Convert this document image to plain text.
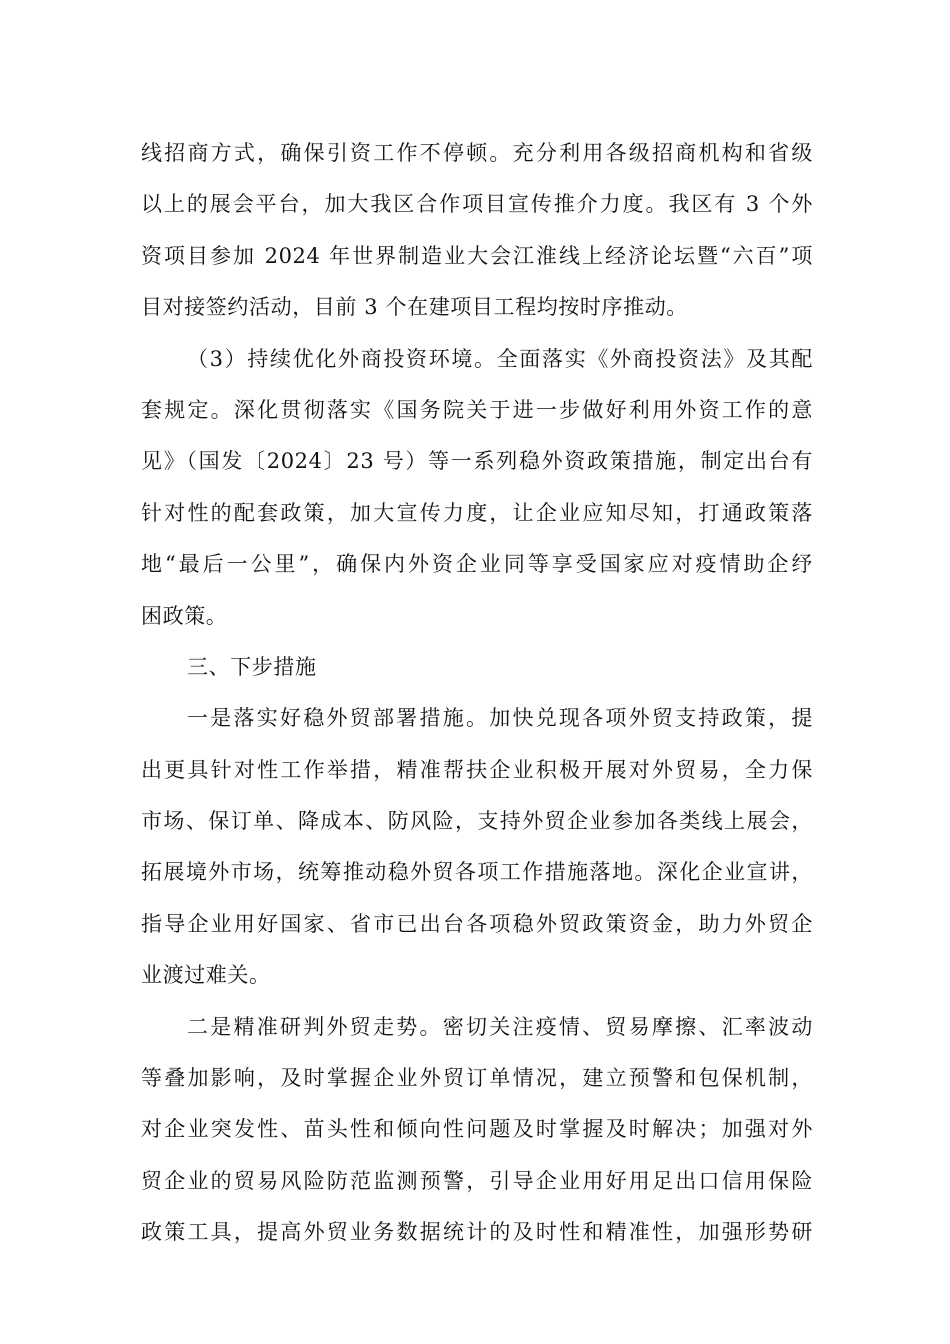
线招商方式，确保引资工作不停顿。充分利用各级招商机构和省级
以上的展会平台，加大我区合作项目宣传推介力度。我区有 3 个外
资项目参加 2024 年世界制造业大会江淮线上经济论坛暨“六百”项
目对接签约活动，目前 3 个在建项目工程均按时序推动。
（3）持续优化外商投资环境。全面落实《外商投资法》及其配
套规定。深化贯彻落实《国务院关于进一步做好利用外资工作的意
见》（国发〔2024〕23 号）等一系列稳外资政策措施，制定出台有
针对性的配套政策，加大宣传力度，让企业应知尽知，打通政策落
地“最后一公里”，确保内外资企业同等享受国家应对疫情助企纾
困政策。
三、下步措施
一是落实好稳外贸部署措施。加快兑现各项外贸支持政策，提
出更具针对性工作举措，精准帮扶企业积极开展对外贸易，全力保
市场、保订单、降成本、防风险，支持外贸企业参加各类线上展会，
拓展境外市场，统筹推动稳外贸各项工作措施落地。深化企业宣讲，
指导企业用好国家、省市已出台各项稳外贸政策资金，助力外贸企
业渡过难关。
二是精准研判外贸走势。密切关注疫情、贸易摩擦、汇率波动
等叠加影响，及时掌握企业外贸订单情况，建立预警和包保机制，
对企业突发性、苗头性和倾向性问题及时掌握及时解决；加强对外
贸企业的贸易风险防范监测预警，引导企业用好用足出口信用保险
政策工具，提高外贸业务数据统计的及时性和精准性，加强形势研
